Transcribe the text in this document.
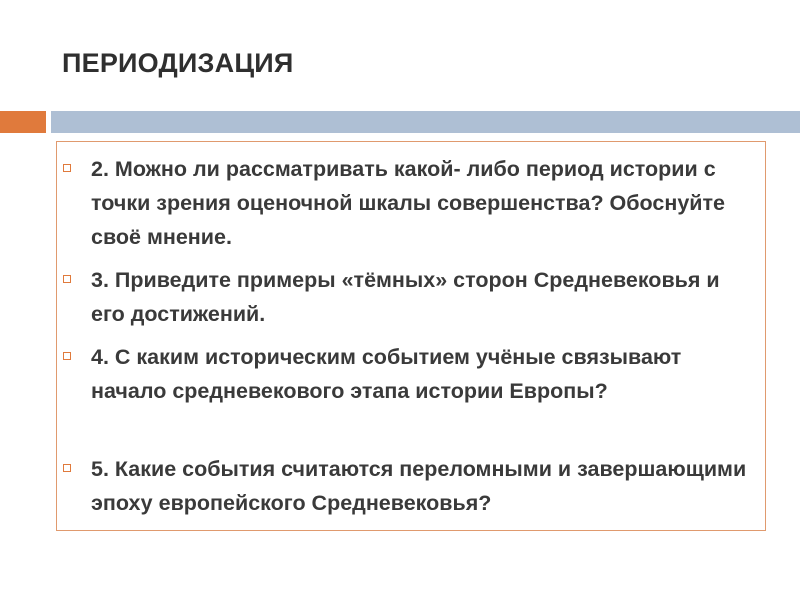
ПЕРИОДИЗАЦИЯ
2. Можно ли рассматривать какой- либо период истории с точки зрения оценочной шкалы совершенства? Обоснуйте своё мнение.
3. Приведите примеры «тёмных» сторон Средневековья и его достижений.
4. С каким историческим событием учёные связывают начало средневекового этапа истории Европы?
5. Какие события считаются переломными и завершающими эпоху европейского Средневековья?
